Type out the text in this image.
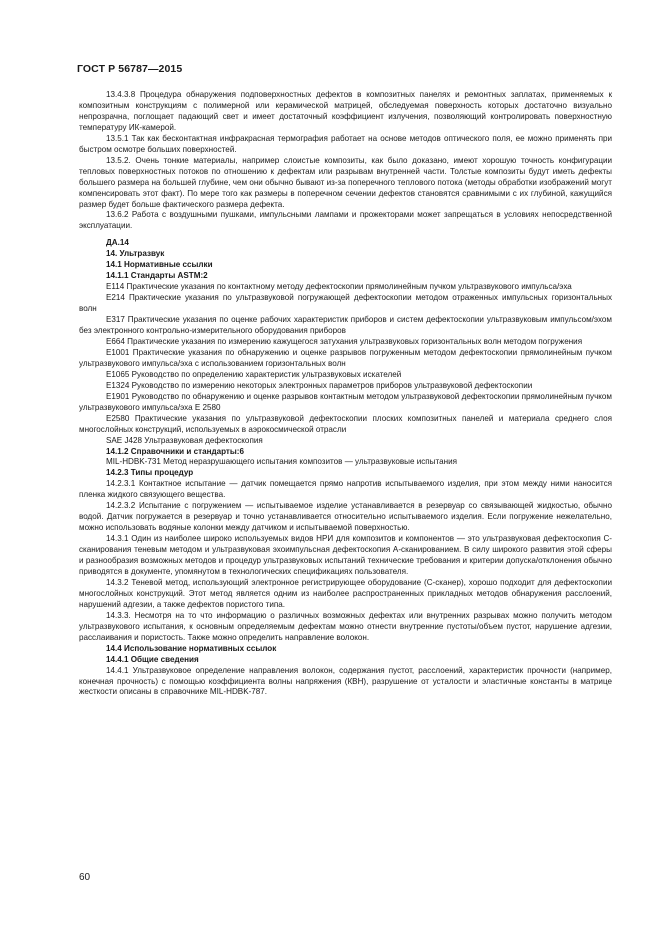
ГОСТ Р 56787—2015

13.4.3.8 Процедура обнаружения подповерхностных дефектов в композитных панелях и ремонтных заплатах, применяемых к композитным конструкциям с полимерной или керамической матрицей, обследуемая поверхность которых достаточно визуально непрозрачна, поглощает падающий свет и имеет достаточный коэффициент излучения, позволяющий контролировать поверхностную температуру ИК-камерой.

13.5.1 Так как бесконтактная инфракрасная термография работает на основе методов оптического поля, ее можно применять при быстром осмотре больших поверхностей.

13.5.2. Очень тонкие материалы, например слоистые композиты, как было доказано, имеют хорошую точность конфигурации тепловых поверхностных потоков по отношению к дефектам или разрывам внутренней части. Толстые композиты будут иметь дефекты большего размера на большей глубине, чем они обычно бывают из-за поперечного теплового потока (методы обработки изображений могут компенсировать этот факт). По мере того как размеры в поперечном сечении дефектов становятся сравнимыми с их глубиной, кажущийся размер будет больше фактического размера дефекта.

13.6.2 Работа с воздушными пушками, импульсными лампами и прожекторами может запрещаться в условиях непосредственной эксплуатации.

ДА.14

14. Ультразвук

14.1 Нормативные ссылки

14.1.1 Стандарты ASTM:2

E114 Практические указания по контактному методу дефектоскопии прямолинейным пучком ультразвукового импульса/эха

E214 Практические указания по ультразвуковой погружающей дефектоскопии методом отраженных импульсных горизонтальных волн

E317 Практические указания по оценке рабочих характеристик приборов и систем дефектоскопии ультразвуковым импульсом/эхом без электронного контрольно-измерительного оборудования приборов

E664 Практические указания по измерению кажущегося затухания ультразвуковых горизонтальных волн методом погружения

E1001 Практические указания по обнаружению и оценке разрывов погруженным методом дефектоскопии прямолинейным пучком ультразвукового импульса/эха с использованием горизонтальных волн

E1065 Руководство по определению характеристик ультразвуковых искателей

E1324 Руководство по измерению некоторых электронных параметров приборов ультразвуковой дефектоскопии

E1901 Руководство по обнаружению и оценке разрывов контактным методом ультразвуковой дефектоскопии прямолинейным пучком ультразвукового импульса/эха E 2580

E2580 Практические указания по ультразвуковой дефектоскопии плоских композитных панелей и материала среднего слоя многослойных конструкций, используемых в аэрокосмической отрасли

SAE J428 Ультразвуковая дефектоскопия

14.1.2 Справочники и стандарты:6

MIL-HDBK-731 Метод неразрушающего испытания композитов — ультразвуковые испытания

14.2.3 Типы процедур

14.2.3.1 Контактное испытание — датчик помещается прямо напротив испытываемого изделия, при этом между ними наносится пленка жидкого связующего вещества.

14.2.3.2 Испытание с погружением — испытываемое изделие устанавливается в резервуар со связывающей жидкостью, обычно водой. Датчик погружается в резервуар и точно устанавливается относительно испытываемого изделия. Если погружение нежелательно, можно использовать водяные колонки между датчиком и испытываемой поверхностью.

14.3.1 Один из наиболее широко используемых видов НРИ для композитов и компонентов — это ультразвуковая дефектоскопия С-сканирования теневым методом и ультразвуковая эхоимпульсная дефектоскопия А-сканированием. В силу широкого развития этой сферы и разнообразия возможных методов и процедур ультразвуковых испытаний технические требования и критерии допуска/отклонения обычно приводятся в документе, упомянутом в технологических спецификациях пользователя.

14.3.2 Теневой метод, использующий электронное регистрирующее оборудование (С-сканер), хорошо подходит для дефектоскопии многослойных конструкций. Этот метод является одним из наиболее распространенных прикладных методов обнаружения расслоений, нарушений адгезии, а также дефектов пористого типа.

14.3.3. Несмотря на то что информацию о различных возможных дефектах или внутренних разрывах можно получить методом ультразвукового испытания, к основным определяемым дефектам можно отнести внутренние пустоты/объем пустот, нарушение адгезии, расслаивания и пористость. Также можно определить направление волокон.

14.4 Использование нормативных ссылок

14.4.1 Общие сведения

14.4.1 Ультразвуковое определение направления волокон, содержания пустот, расслоений, характеристик прочности (например, конечная прочность) с помощью коэффициента волны напряжения (КВН), разрушение от усталости и эластичные константы в матрице жесткости описаны в справочнике MIL-HDBK-787.

60
